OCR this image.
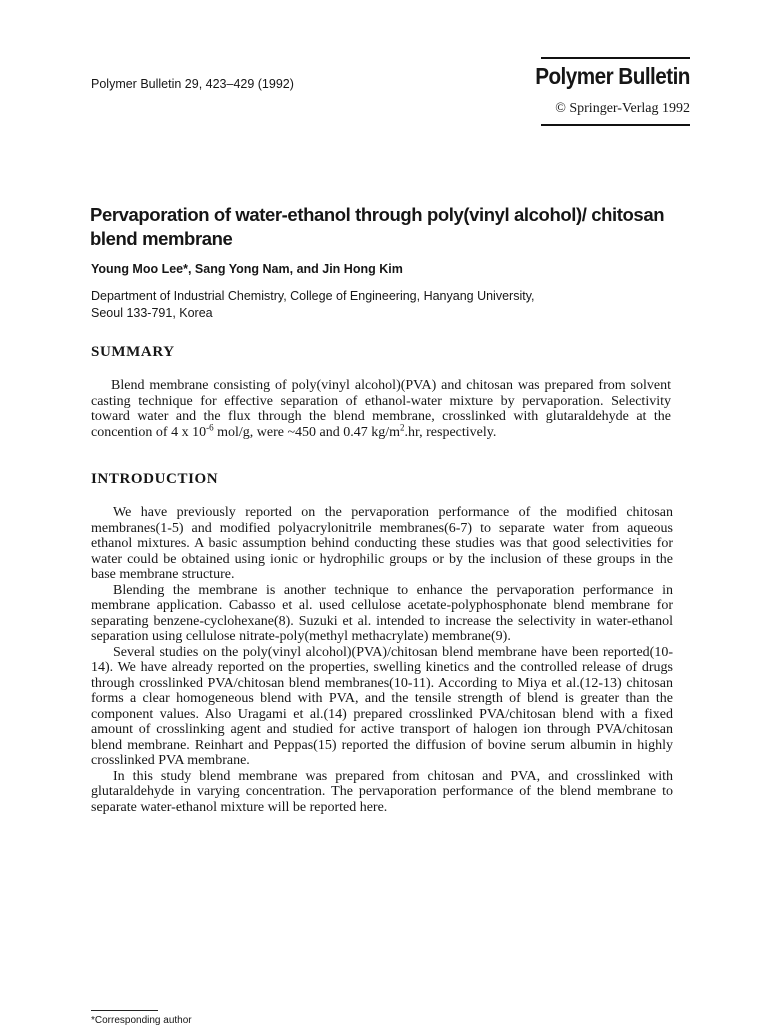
Polymer Bulletin 29, 423–429 (1992)	Polymer Bulletin
© Springer-Verlag 1992
Pervaporation of water-ethanol through poly(vinyl alcohol)/ chitosan blend membrane
Young Moo Lee*, Sang Yong Nam, and Jin Hong Kim
Department of Industrial Chemistry, College of Engineering, Hanyang University,
Seoul 133-791, Korea
SUMMARY

Blend membrane consisting of poly(vinyl alcohol)(PVA) and chitosan was prepared from solvent casting technique for effective separation of ethanol-water mixture by pervaporation. Selectivity toward water and the flux through the blend membrane, crosslinked with glutaraldehyde at the concention of 4 x $10^{-6}$ mol/g, were ~450 and 0.47 $kg/m^2.hr$, respectively.

INTRODUCTION

We have previously reported on the pervaporation performance of the modified chitosan membranes(1-5) and modified polyacrylonitrile membranes(6-7) to separate water from aqueous ethanol mixtures. A basic assumption behind conducting these studies was that good selectivities for water could be obtained using ionic or hydrophilic groups or by the inclusion of these groups in the base membrane structure.

Blending the membrane is another technique to enhance the pervaporation performance in membrane application. Cabasso et al. used cellulose acetate-polyphosphonate blend membrane for separating benzene-cyclohexane(8). Suzuki et al. intended to increase the selectivity in water-ethanol separation using cellulose nitrate-poly(methyl methacrylate) membrane(9).

Several studies on the poly(vinyl alcohol)(PVA)/chitosan blend membrane have been reported(10-14). We have already reported on the properties, swelling kinetics and the controlled release of drugs through crosslinked PVA/chitosan blend membranes(10-11). According to Miya et al.(12-13) chitosan forms a clear homogeneous blend with PVA, and the tensile strength of blend is greater than the component values. Also Uragami et al.(14) prepared crosslinked PVA/chitosan blend with a fixed amount of crosslinking agent and studied for active transport of halogen ion through PVA/chitosan blend membrane. Reinhart and Peppas(15) reported the diffusion of bovine serum albumin in highly crosslinked PVA membrane.

In this study blend membrane was prepared from chitosan and PVA, and crosslinked with glutaraldehyde in varying concentration. The pervaporation performance of the blend membrane to separate water-ethanol mixture will be reported here.

*Corresponding author
